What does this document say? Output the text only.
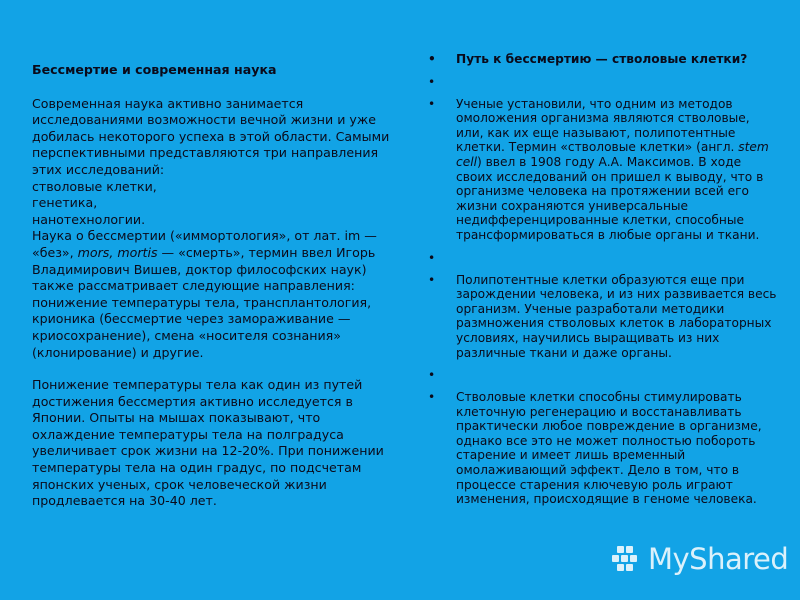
Бессмертие и современная наука

Современная наука активно занимается исследованиями возможности вечной жизни и уже добилась некоторого успеха в этой области. Самыми перспективными представляются три направления этих исследований:

стволовые клетки,

генетика,

нанотехнологии.

Наука о бессмертии («иммортология», от лат. im — «без», mors, mortis — «смерть», термин ввел Игорь Владимирович Вишев, доктор философских наук) также рассматривает следующие направления: понижение температуры тела, трансплантология, крионика (бессмертие через замораживание — криосохранение), смена «носителя сознания» (клонирование) и другие.

Понижение температуры тела как один из путей достижения бессмертия активно исследуется в Японии. Опыты на мышах показывают, что охлаждение температуры тела на полградуса увеличивает срок жизни на 12-20%. При понижении температуры тела на один градус, по подсчетам японских ученых, срок человеческой жизни продлевается на 30-40 лет.

• Путь к бессмертию — стволовые клетки?
•
• Ученые установили, что одним из методов омоложения организма являются стволовые, или, как их еще называют, полипотентные клетки. Термин «стволовые клетки» (англ. stem cell) ввел в 1908 году А.А. Максимов. В ходе своих исследований он пришел к выводу, что в организме человека на протяжении всей его жизни сохраняются универсальные недифференцированные клетки, способные трансформироваться в любые органы и ткани.
•
• Полипотентные клетки образуются еще при зарождении человека, и из них развивается весь организм. Ученые разработали методики размножения стволовых клеток в лабораторных условиях, научились выращивать из них различные ткани и даже органы.
•
• Стволовые клетки способны стимулировать клеточную регенерацию и восстанавливать практически любое повреждение в организме, однако все это не может полностью побороть старение и имеет лишь временный омолаживающий эффект. Дело в том, что в процессе старения ключевую роль играют изменения, происходящие в геноме человека.
MyShared
